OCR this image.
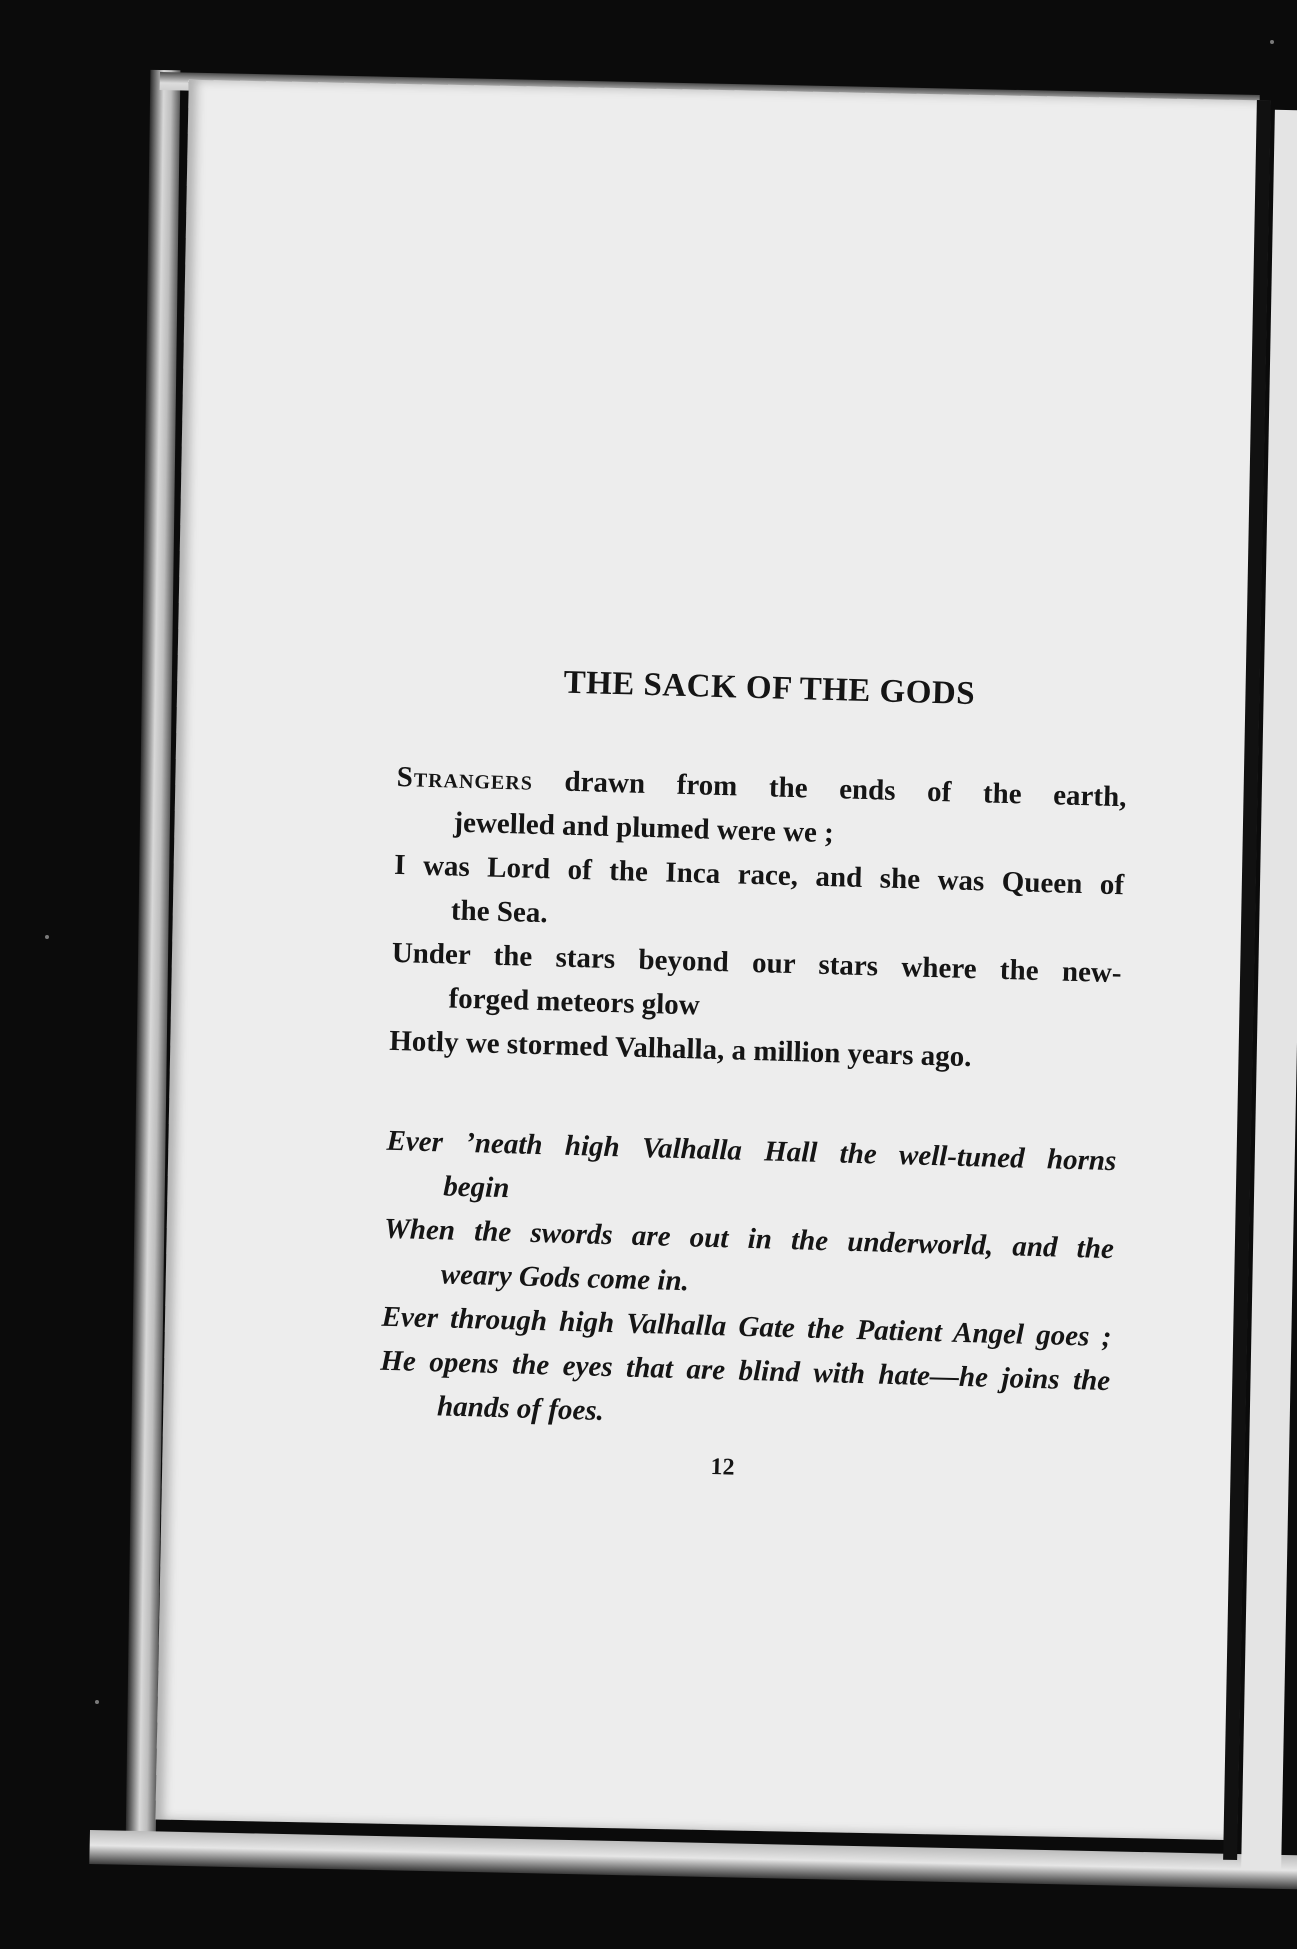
THE SACK OF THE GODS

Strangers drawn from the ends of the earth,

jewelled and plumed were we ;

I was Lord of the Inca race, and she was Queen of

the Sea.

Under the stars beyond our stars where the new-

forged meteors glow

Hotly we stormed Valhalla, a million years ago.

Ever ’neath high Valhalla Hall the well-tuned horns

begin

When the swords are out in the underworld, and the

weary Gods come in.

Ever through high Valhalla Gate the Patient Angel goes ;

He opens the eyes that are blind with hate—he joins the

hands of foes.

12
